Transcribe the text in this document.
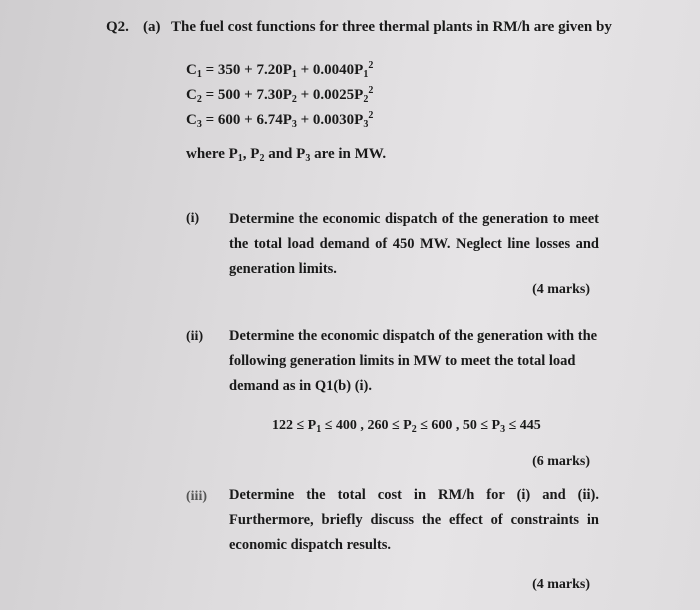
Q2. (a) The fuel cost functions for three thermal plants in RM/h are given by
$C_1 = 350 + 7.20P_1 + 0.0040P_1^2$
$C_2 = 500 + 7.30P_2 + 0.0025P_2^2$
$C_3 = 600 + 6.74P_3 + 0.0030P_3^2$
where $P_1$, $P_2$ and $P_3$ are in MW.
(i) Determine the economic dispatch of the generation to meet the total load demand of 450 MW. Neglect line losses and generation limits.
(4 marks)
(ii) Determine the economic dispatch of the generation with the following generation limits in MW to meet the total load demand as in Q1(b) (i).
$122 \le P_1 \le 400$ , $260 \le P_2 \le 600$ , $50 \le P_3 \le 445$
(6 marks)
(iii) Determine the total cost in RM/h for (i) and (ii). Furthermore, briefly discuss the effect of constraints in economic dispatch results.
(4 marks)
